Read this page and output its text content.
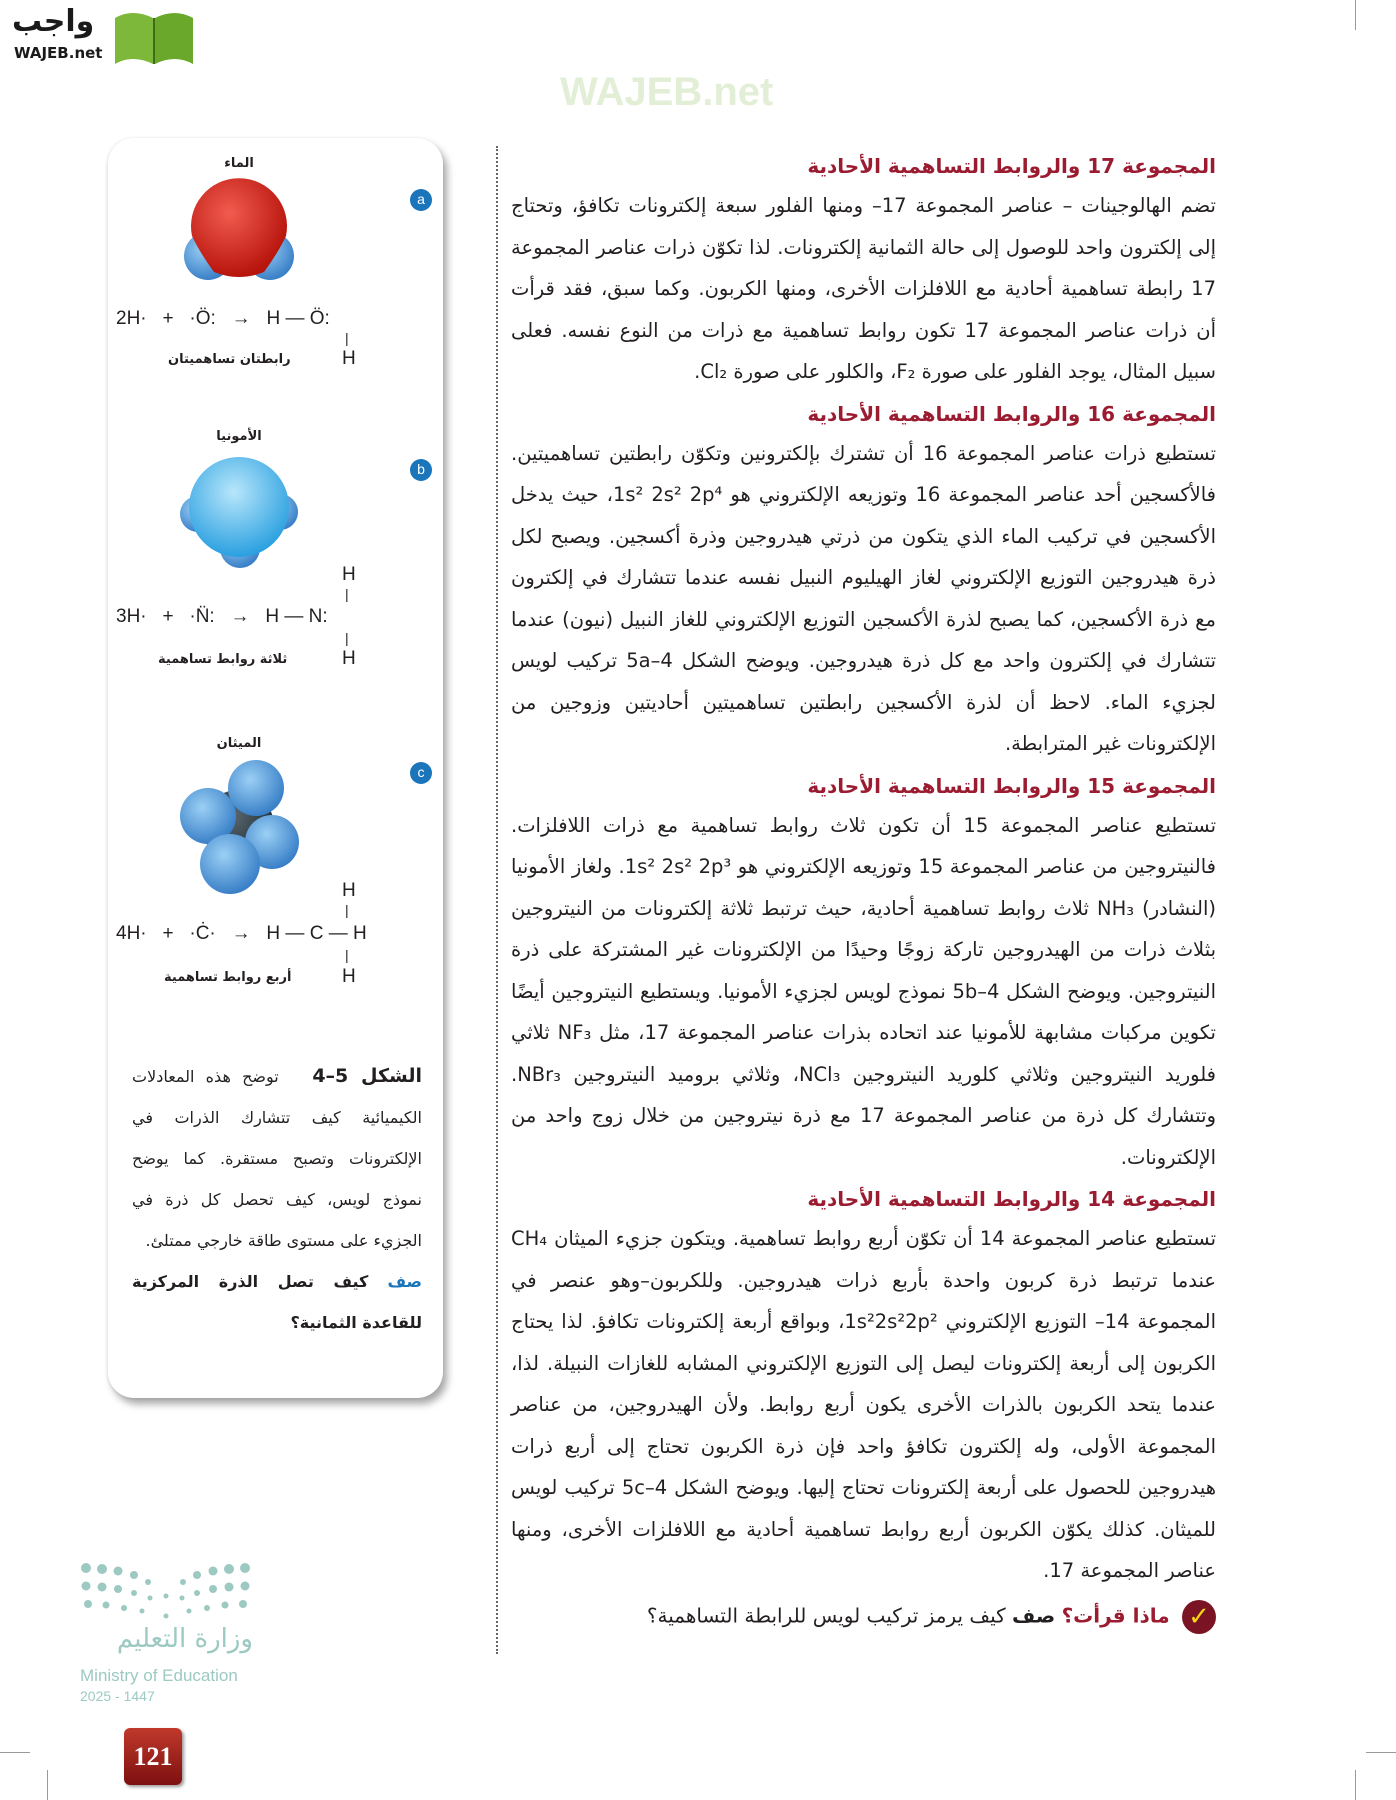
واجب
WAJEB.net
WAJEB.net
الماء
a
2H·   +   ·Ö:   →   H — Ö:
|
H
رابطتان تساهميتان
الأمونيا
b
H
|
3H·   +   ·N̈:   →   H — N:
|
H
ثلاثة روابط تساهمية
الميثان
c
H
|
4H·   +   ·Ċ·   →   H — C — H
|
H
أربع روابط تساهمية
الشكل 5–4   توضح هذه المعادلات الكيميائية كيف تتشارك الذرات في الإلكترونات وتصبح مستقرة. كما يوضح نموذج لويس، كيف تحصل كل ذرة في الجزيء على مستوى طاقة خارجي ممتلئ.
صف كيف تصل الذرة المركزية للقاعدة الثمانية؟
المجموعة 17 والروابط التساهمية الأحادية
تضم الهالوجينات – عناصر المجموعة 17– ومنها الفلور سبعة إلكترونات تكافؤ، وتحتاج إلى إلكترون واحد للوصول إلى حالة الثمانية إلكترونات. لذا تكوّن ذرات عناصر المجموعة 17 رابطة تساهمية أحادية مع اللافلزات الأخرى، ومنها الكربون. وكما سبق، فقد قرأت أن ذرات عناصر المجموعة 17 تكون روابط تساهمية مع ذرات من النوع نفسه. فعلى سبيل المثال، يوجد الفلور على صورة F₂، والكلور على صورة Cl₂.
المجموعة 16 والروابط التساهمية الأحادية
تستطيع ذرات عناصر المجموعة 16 أن تشترك بإلكترونين وتكوّن رابطتين تساهميتين. فالأكسجين أحد عناصر المجموعة 16 وتوزيعه الإلكتروني هو 1s² 2s² 2p⁴، حيث يدخل الأكسجين في تركيب الماء الذي يتكون من ذرتي هيدروجين وذرة أكسجين. ويصبح لكل ذرة هيدروجين التوزيع الإلكتروني لغاز الهيليوم النبيل نفسه عندما تتشارك في إلكترون مع ذرة الأكسجين، كما يصبح لذرة الأكسجين التوزيع الإلكتروني للغاز النبيل (نيون) عندما تتشارك في إلكترون واحد مع كل ذرة هيدروجين. ويوضح الشكل 5a–4 تركيب لويس لجزيء الماء. لاحظ أن لذرة الأكسجين رابطتين تساهميتين أحاديتين وزوجين من الإلكترونات غير المترابطة.
المجموعة 15 والروابط التساهمية الأحادية
تستطيع عناصر المجموعة 15 أن تكون ثلاث روابط تساهمية مع ذرات اللافلزات. فالنيتروجين من عناصر المجموعة 15 وتوزيعه الإلكتروني هو 1s² 2s² 2p³. ولغاز الأمونيا (النشادر) NH₃ ثلاث روابط تساهمية أحادية، حيث ترتبط ثلاثة إلكترونات من النيتروجين بثلاث ذرات من الهيدروجين تاركة زوجًا وحيدًا من الإلكترونات غير المشتركة على ذرة النيتروجين. ويوضح الشكل 5b–4 نموذج لويس لجزيء الأمونيا. ويستطيع النيتروجين أيضًا تكوين مركبات مشابهة للأمونيا عند اتحاده بذرات عناصر المجموعة 17، مثل NF₃ ثلاثي فلوريد النيتروجين وثلاثي كلوريد النيتروجين NCl₃، وثلاثي بروميد النيتروجين NBr₃. وتتشارك كل ذرة من عناصر المجموعة 17 مع ذرة نيتروجين من خلال زوج واحد من الإلكترونات.
المجموعة 14 والروابط التساهمية الأحادية
تستطيع عناصر المجموعة 14 أن تكوّن أربع روابط تساهمية. ويتكون جزيء الميثان CH₄ عندما ترتبط ذرة كربون واحدة بأربع ذرات هيدروجين. وللكربون–وهو عنصر في المجموعة 14– التوزيع الإلكتروني 1s²2s²2p²، وبواقع أربعة إلكترونات تكافؤ. لذا يحتاج الكربون إلى أربعة إلكترونات ليصل إلى التوزيع الإلكتروني المشابه للغازات النبيلة. لذا، عندما يتحد الكربون بالذرات الأخرى يكون أربع روابط. ولأن الهيدروجين، من عناصر المجموعة الأولى، وله إلكترون تكافؤ واحد فإن ذرة الكربون تحتاج إلى أربع ذرات هيدروجين للحصول على أربعة إلكترونات تحتاج إليها. ويوضح الشكل 5c–4 تركيب لويس للميثان. كذلك يكوّن الكربون أربع روابط تساهمية أحادية مع اللافلزات الأخرى، ومنها عناصر المجموعة 17.
✓ ماذا قرأت؟ صف كيف يرمز تركيب لويس للرابطة التساهمية؟
وزارة التعليم
Ministry of Education
2025 - 1447
121
